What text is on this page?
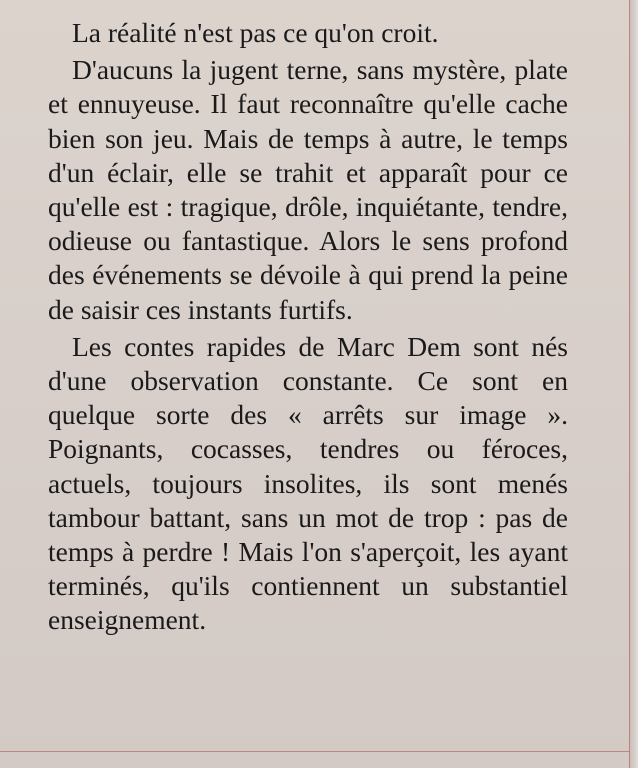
La réalité n'est pas ce qu'on croit.

D'aucuns la jugent terne, sans mystère, plate et ennuyeuse. Il faut reconnaître qu'elle cache bien son jeu. Mais de temps à autre, le temps d'un éclair, elle se trahit et apparaît pour ce qu'elle est : tragique, drôle, inquiétante, tendre, odieuse ou fantastique. Alors le sens profond des événements se dévoile à qui prend la peine de saisir ces instants furtifs.

Les contes rapides de Marc Dem sont nés d'une observation constante. Ce sont en quelque sorte des « arrêts sur image ». Poignants, cocasses, tendres ou féroces, actuels, toujours insolites, ils sont menés tambour battant, sans un mot de trop : pas de temps à perdre ! Mais l'on s'aperçoit, les ayant terminés, qu'ils contiennent un substantiel enseignement.
